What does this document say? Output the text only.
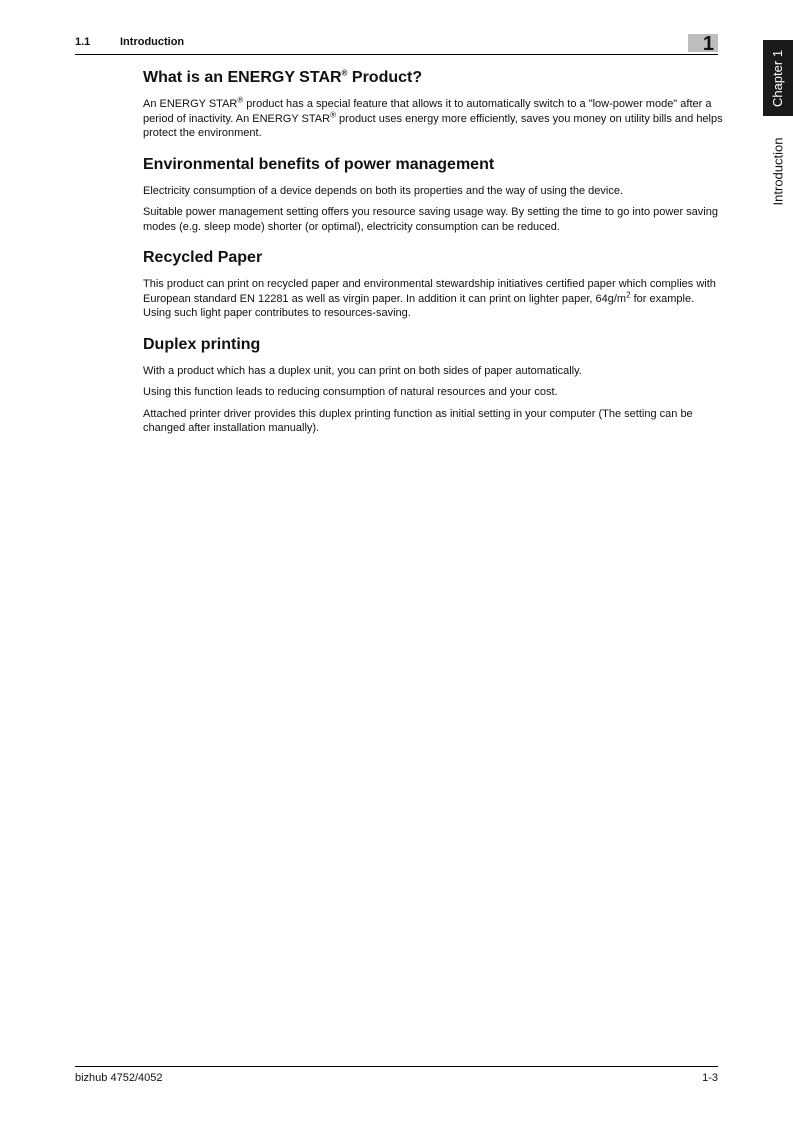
1.1	Introduction	1
Chapter 1
Introduction
What is an ENERGY STAR® Product?

An ENERGY STAR® product has a special feature that allows it to automatically switch to a "low-power mode" after a period of inactivity. An ENERGY STAR® product uses energy more efficiently, saves you money on utility bills and helps protect the environment.

Environmental benefits of power management

Electricity consumption of a device depends on both its properties and the way of using the device.

Suitable power management setting offers you resource saving usage way. By setting the time to go into power saving modes (e.g. sleep mode) shorter (or optimal), electricity consumption can be reduced.

Recycled Paper

This product can print on recycled paper and environmental stewardship initiatives certified paper which complies with European standard EN 12281 as well as virgin paper. In addition it can print on lighter paper, $64g/m^2$ for example. Using such light paper contributes to resources-saving.

Duplex printing

With a product which has a duplex unit, you can print on both sides of paper automatically.

Using this function leads to reducing consumption of natural resources and your cost.

Attached printer driver provides this duplex printing function as initial setting in your computer (The setting can be changed after installation manually).

bizhub 4752/4052	1-3
